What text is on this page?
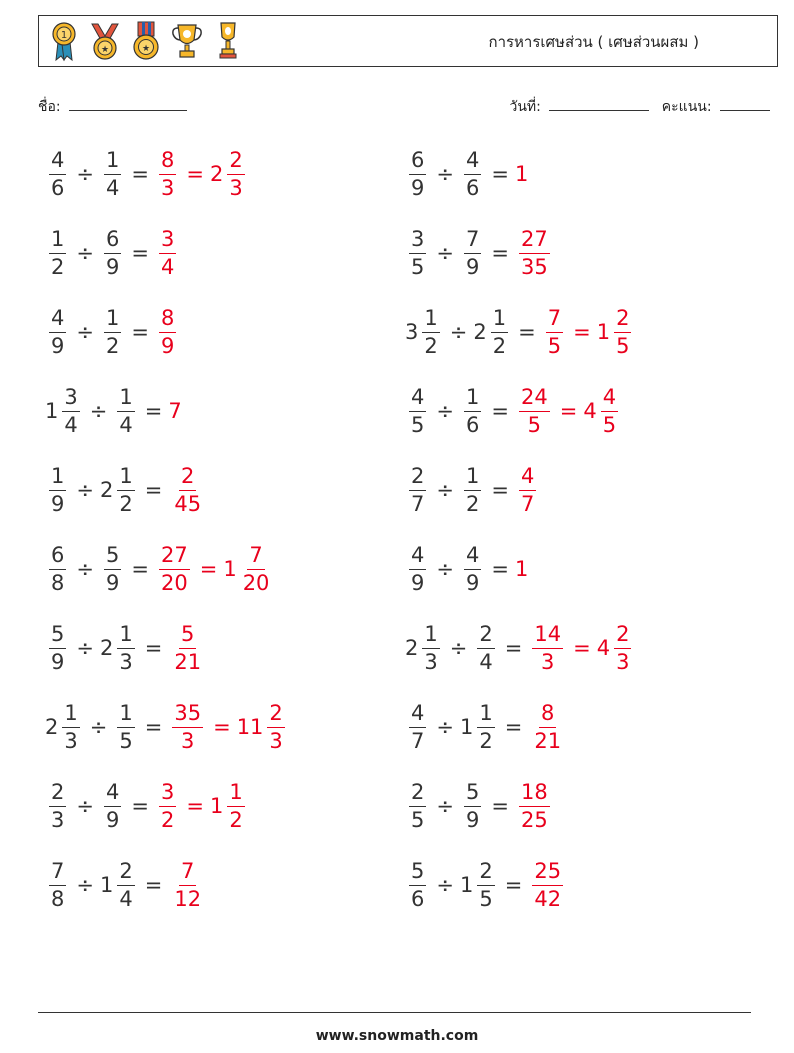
1
★	★	การหารเศษส่วน ( เศษส่วนผสม )
ชื่อ:	วันที่:	คะแนน:
$\frac{4}{6} \div \frac{1}{4} = \frac{8}{3} = 2 \frac{2}{3}$	$\frac{6}{9} \div \frac{4}{6} = 1$
$\frac{1}{2} \div \frac{6}{9} = \frac{3}{4}$	$\frac{3}{5} \div \frac{7}{9} = \frac{27}{35}$
$\frac{4}{9} \div \frac{1}{2} = \frac{8}{9}$	$3 \frac{1}{2} \div 2 \frac{1}{2} = \frac{7}{5} = 1 \frac{2}{5}$
$1 \frac{3}{4} \div \frac{1}{4} = 7$	$\frac{4}{5} \div \frac{1}{6} = \frac{24}{5} = 4 \frac{4}{5}$
$\frac{1}{9} \div 2 \frac{1}{2} = \frac{2}{45}$	$\frac{2}{7} \div \frac{1}{2} = \frac{4}{7}$
$\frac{6}{8} \div \frac{5}{9} = \frac{27}{20} = 1 \frac{7}{20}$	$\frac{4}{9} \div \frac{4}{9} = 1$
$\frac{5}{9} \div 2 \frac{1}{3} = \frac{5}{21}$	$2 \frac{1}{3} \div \frac{2}{4} = \frac{14}{3} = 4 \frac{2}{3}$
$2 \frac{1}{3} \div \frac{1}{5} = \frac{35}{3} = 11 \frac{2}{3}$	$\frac{4}{7} \div 1 \frac{1}{2} = \frac{8}{21}$
$\frac{2}{3} \div \frac{4}{9} = \frac{3}{2} = 1 \frac{1}{2}$	$\frac{2}{5} \div \frac{5}{9} = \frac{18}{25}$
$\frac{7}{8} \div 1 \frac{2}{4} = \frac{7}{12}$	$\frac{5}{6} \div 1 \frac{2}{5} = \frac{25}{42}$
www.snowmath.com
